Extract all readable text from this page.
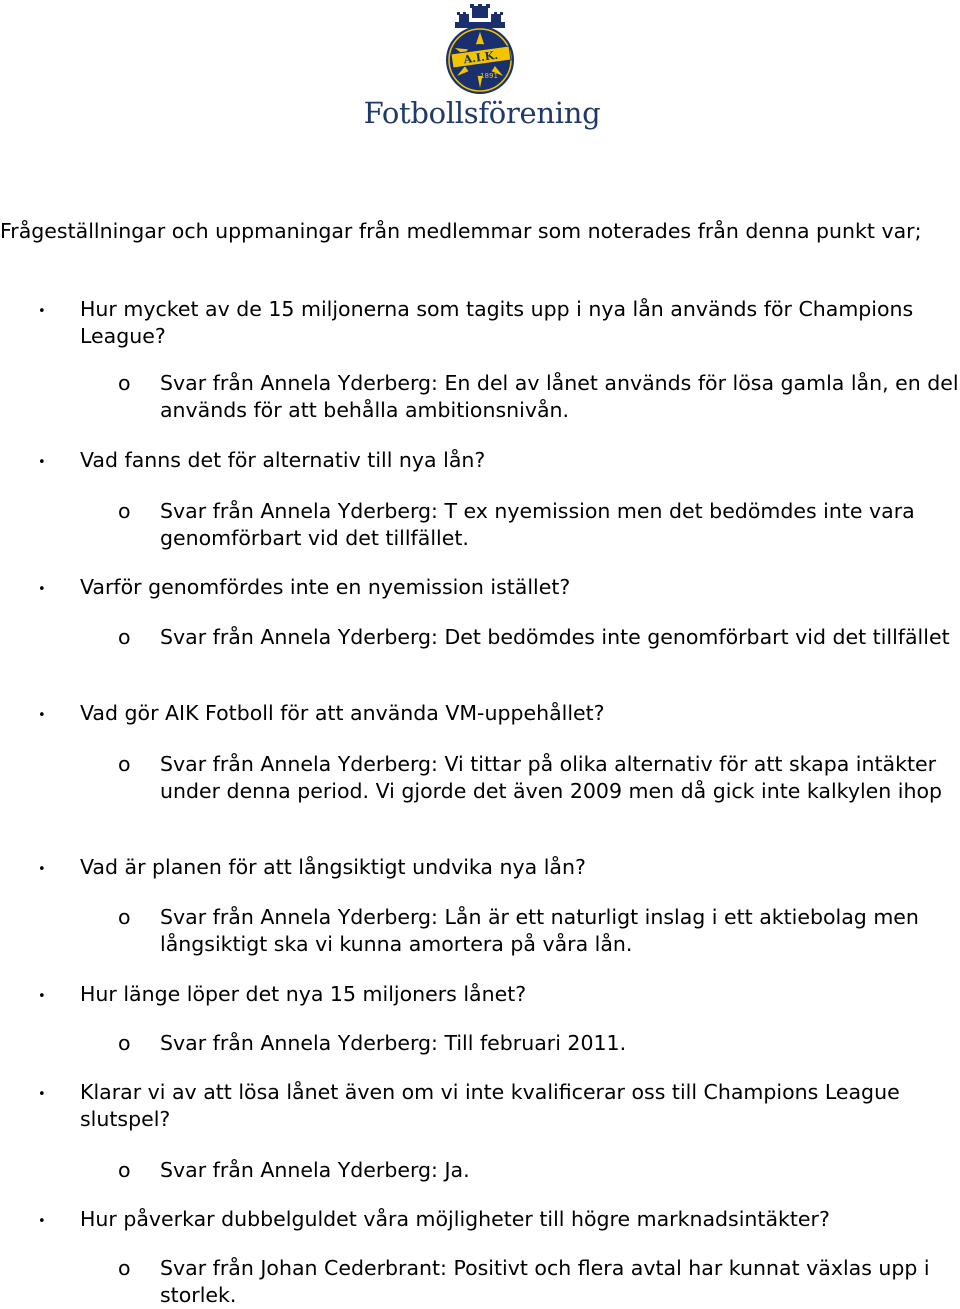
A.I.K.
1891
Fotbollsförening
Frågeställningar och uppmaningar från medlemmar som noterades från denna punkt var;
• Hur mycket av de 15 miljonerna som tagits upp i nya lån används för Champions League?
o Svar från Annela Yderberg: En del av lånet används för lösa gamla lån, en del används för att behålla ambitionsnivån.
• Vad fanns det för alternativ till nya lån?
o Svar från Annela Yderberg: T ex nyemission men det bedömdes inte vara genomförbart vid det tillfället.
• Varför genomfördes inte en nyemission istället?
o Svar från Annela Yderberg: Det bedömdes inte genomförbart vid det tillfället
• Vad gör AIK Fotboll för att använda VM-uppehållet?
o Svar från Annela Yderberg: Vi tittar på olika alternativ för att skapa intäkter under denna period. Vi gjorde det även 2009 men då gick inte kalkylen ihop
• Vad är planen för att långsiktigt undvika nya lån?
o Svar från Annela Yderberg: Lån är ett naturligt inslag i ett aktiebolag men långsiktigt ska vi kunna amortera på våra lån.
• Hur länge löper det nya 15 miljoners lånet?
o Svar från Annela Yderberg: Till februari 2011.
• Klarar vi av att lösa lånet även om vi inte kvalificerar oss till Champions League slutspel?
o Svar från Annela Yderberg: Ja.
• Hur påverkar dubbelguldet våra möjligheter till högre marknadsintäkter?
o Svar från Johan Cederbrant: Positivt och flera avtal har kunnat växlas upp i storlek.
